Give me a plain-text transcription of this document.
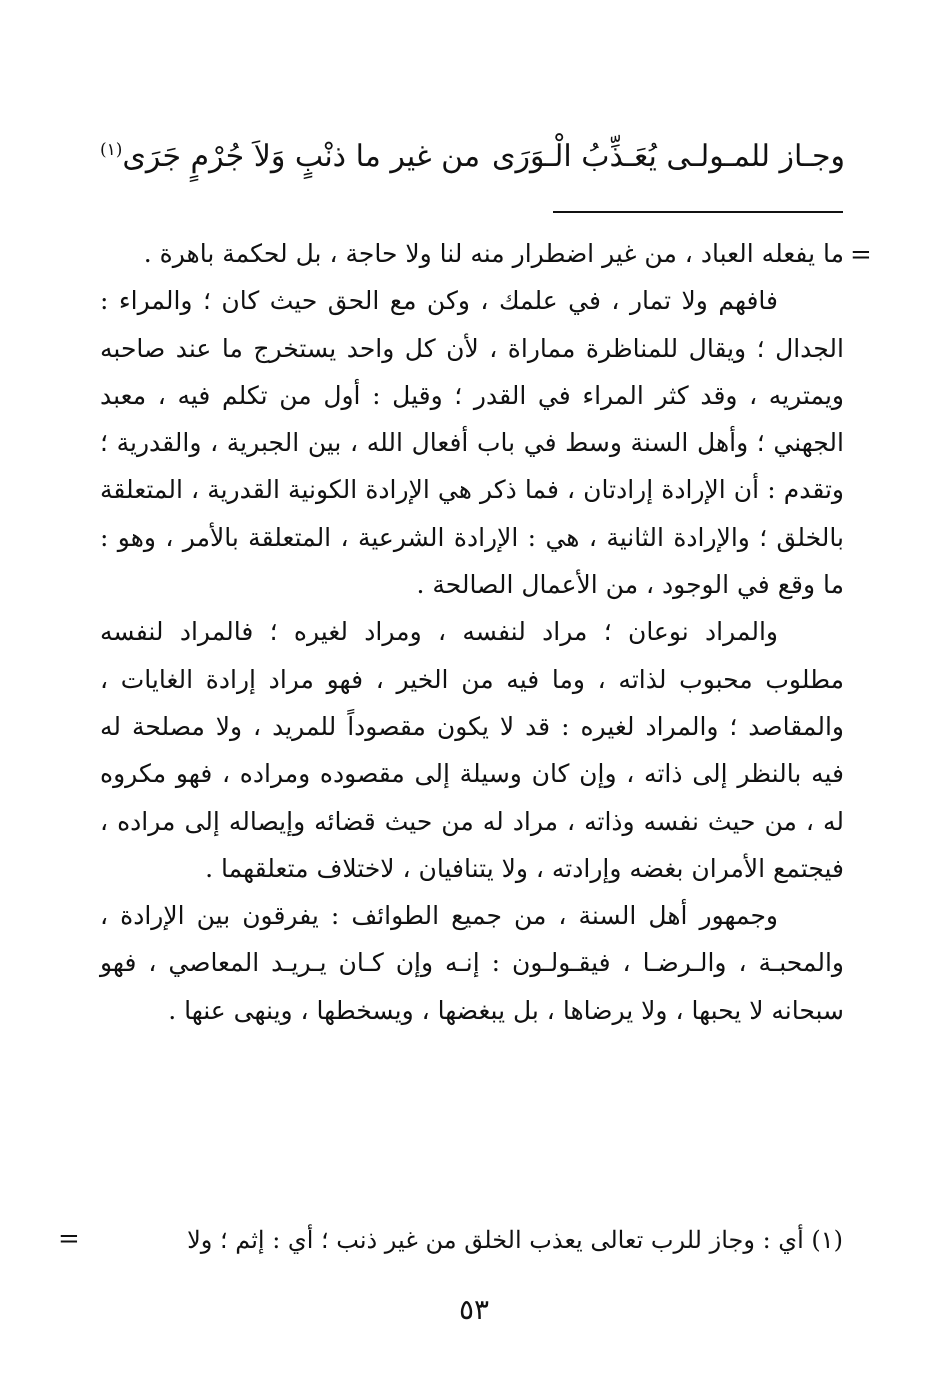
وجـاز للمـولـى يُعَـذِّبُ الْـوَرَى
من غير ما ذنْبٍ وَلاَ جُرْمٍ جَرَى$^{(١)}$
=

ما يفعله العباد ، من غير اضطرار منه لنا ولا حاجة ، بل لحكمة باهرة .

فافهم ولا تمار ، في علمك ، وكن مع الحق حيث كان ؛ والمراء : الجدال ؛ ويقال للمناظرة مماراة ، لأن كل واحد يستخرج ما عند صاحبه ويمتريه ، وقد كثر المراء في القدر ؛ وقيل : أول من تكلم فيه ، معبد الجهني ؛ وأهل السنة وسط في باب أفعال الله ، بين الجبرية ، والقدرية ؛ وتقدم : أن الإرادة إرادتان ، فما ذكر هي الإرادة الكونية القدرية ، المتعلقة بالخلق ؛ والإرادة الثانية ، هي : الإرادة الشرعية ، المتعلقة بالأمر ، وهو : ما وقع في الوجود ، من الأعمال الصالحة .

والمراد نوعان ؛ مراد لنفسه ، ومراد لغيره ؛ فالمراد لنفسه مطلوب محبوب لذاته ، وما فيه من الخير ، فهو مراد إرادة الغايات ، والمقاصد ؛ والمراد لغيره : قد لا يكون مقصوداً للمريد ، ولا مصلحة له فيه بالنظر إلى ذاته ، وإن كان وسيلة إلى مقصوده ومراده ، فهو مكروه له ، من حيث نفسه وذاته ، مراد له من حيث قضائه وإيصاله إلى مراده ، فيجتمع الأمران بغضه وإرادته ، ولا يتنافيان ، لاختلاف متعلقهما .

وجمهور أهل السنة ، من جميع الطوائف : يفرقون بين الإرادة ، والمحبـة ، والـرضـا ، فيقـولـون : إنـه وإن كـان يـريـد المعاصي ، فهو سبحانه لا يحبها ، ولا يرضاها ، بل يبغضها ، ويسخطها ، وينهى عنها .

(١) أي : وجاز للرب تعالى يعذب الخلق من غير ذنب ؛ أي : إثم ؛ ولا
=
٥٣
